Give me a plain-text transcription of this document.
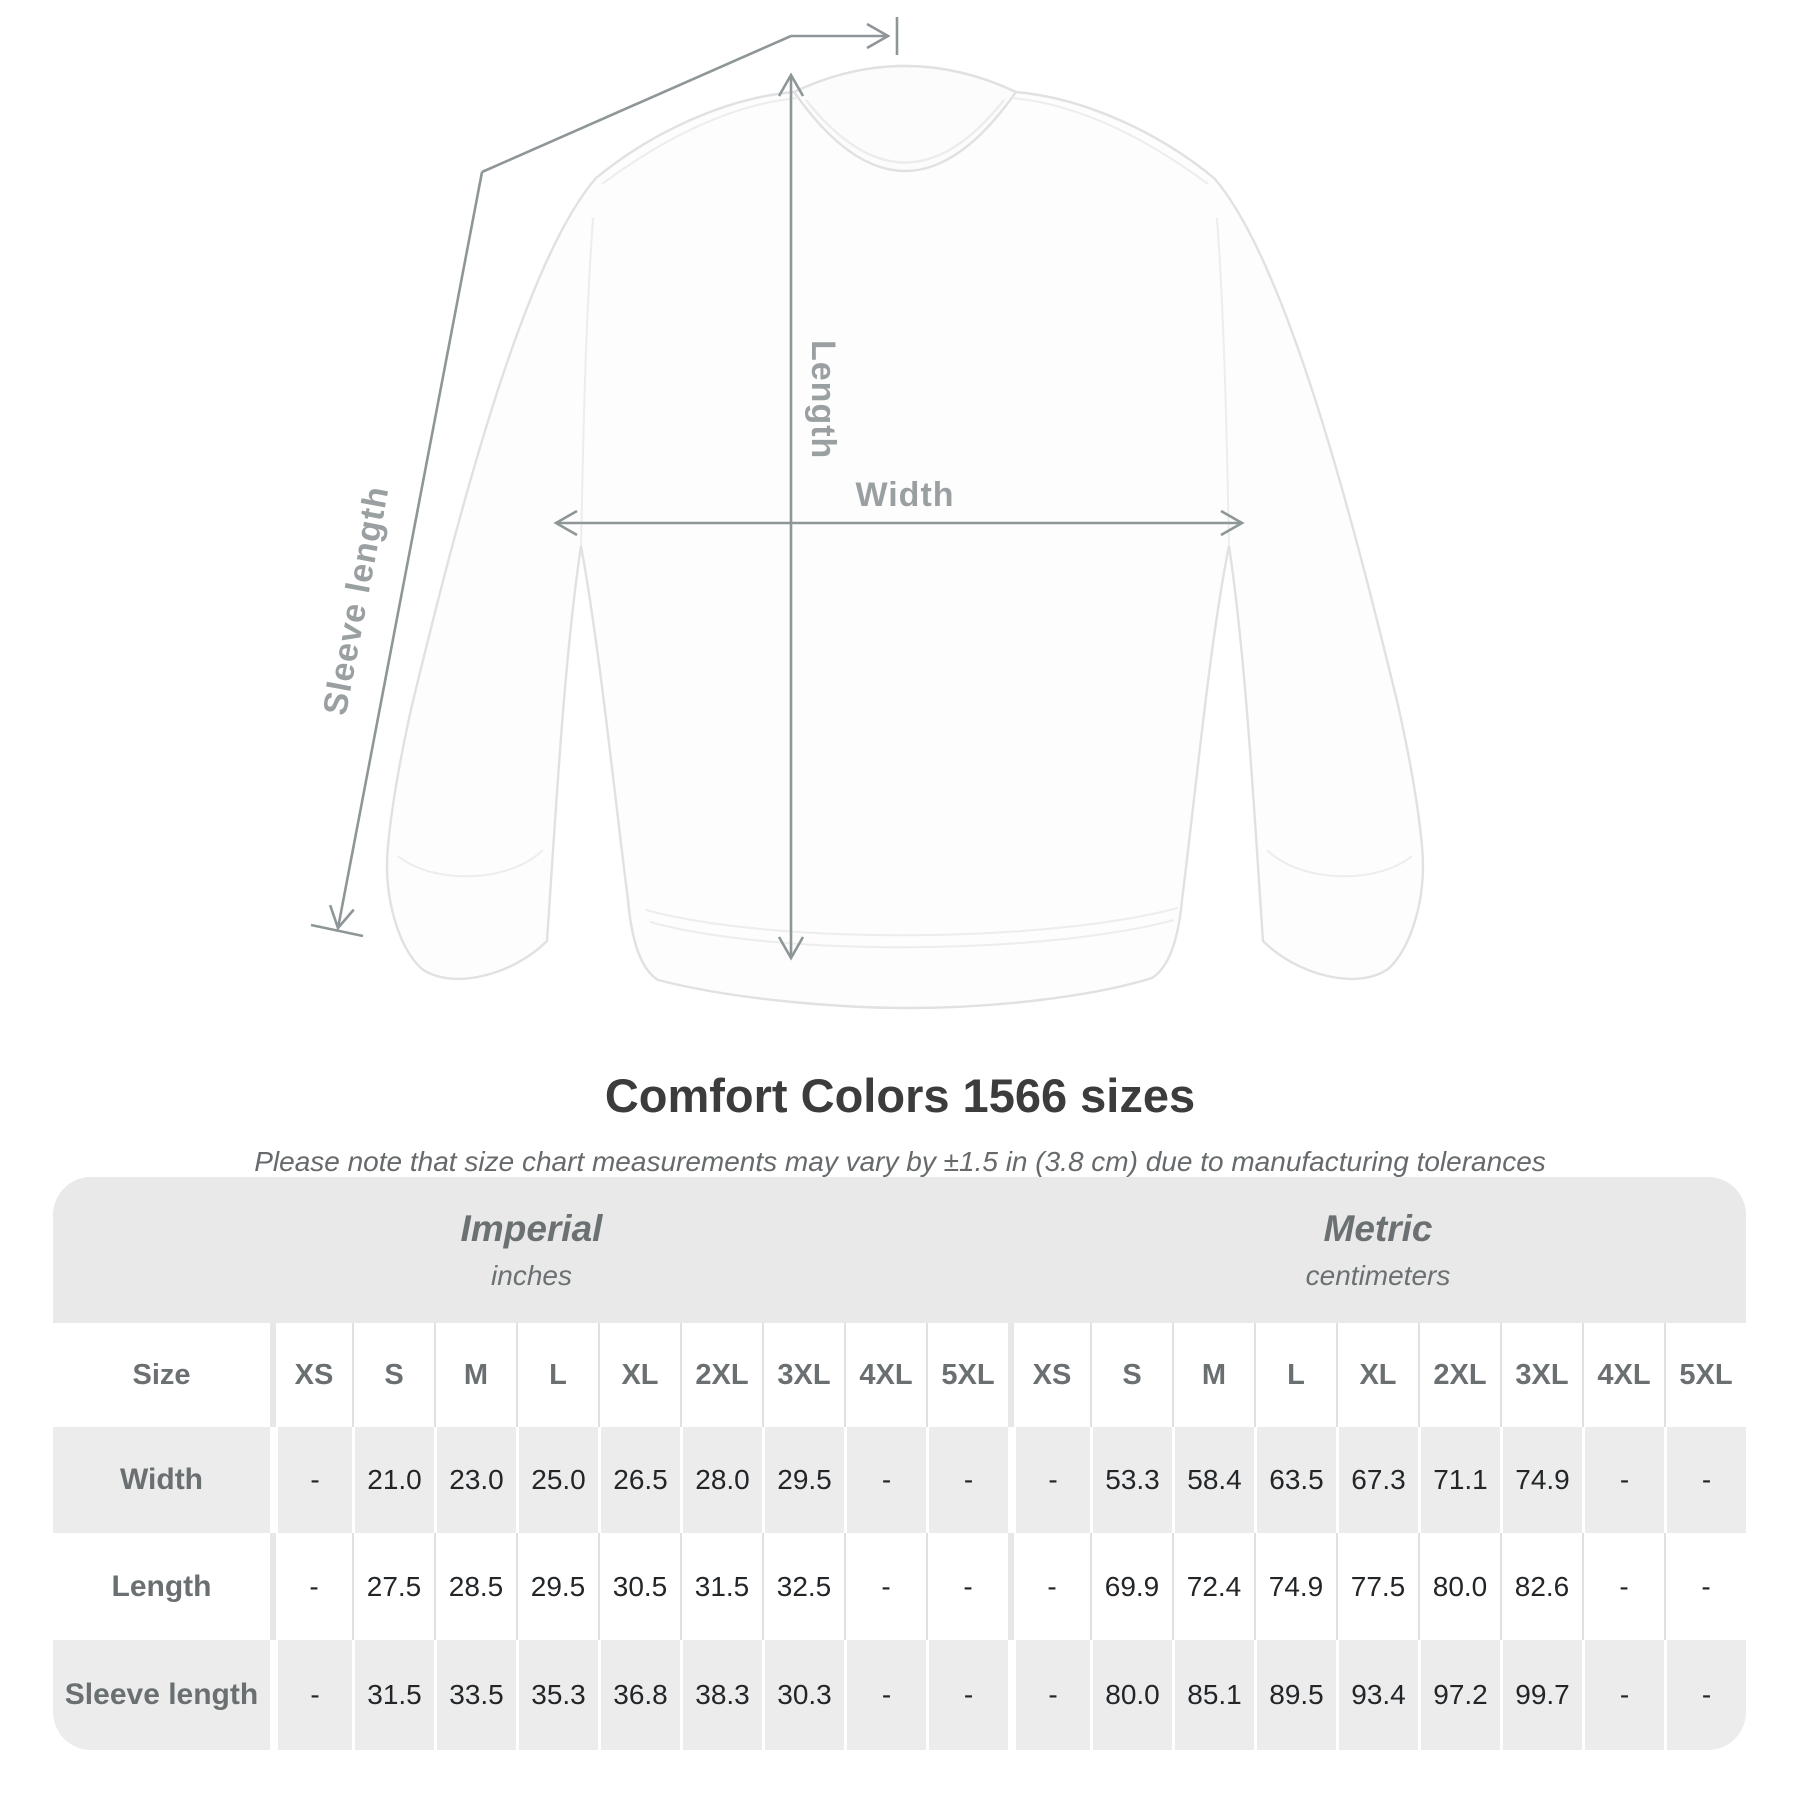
Length
Width
Sleeve length
Comfort Colors 1566 sizes
Please note that size chart measurements may vary by ±1.5 in (3.8 cm) due to manufacturing tolerances
Imperial
inches
Metric
centimeters
Size	XS	S	M	L	XL	2XL 3XL 4XL 5XL	XS	S	M	L	XL	2XL 3XL 4XL 5XL
Width	-	21.0 23.0 25.0 26.5 28.0 29.5	-	-	-	53.3 58.4 63.5 67.3 71.1 74.9	-	-
Length	-	27.5 28.5 29.5 30.5 31.5 32.5	-	-	-	69.9 72.4 74.9 77.5 80.0 82.6	-	-
Sleeve length	-	31.5 33.5 35.3 36.8 38.3 30.3	-	-	-	80.0 85.1 89.5 93.4 97.2 99.7	-	-
